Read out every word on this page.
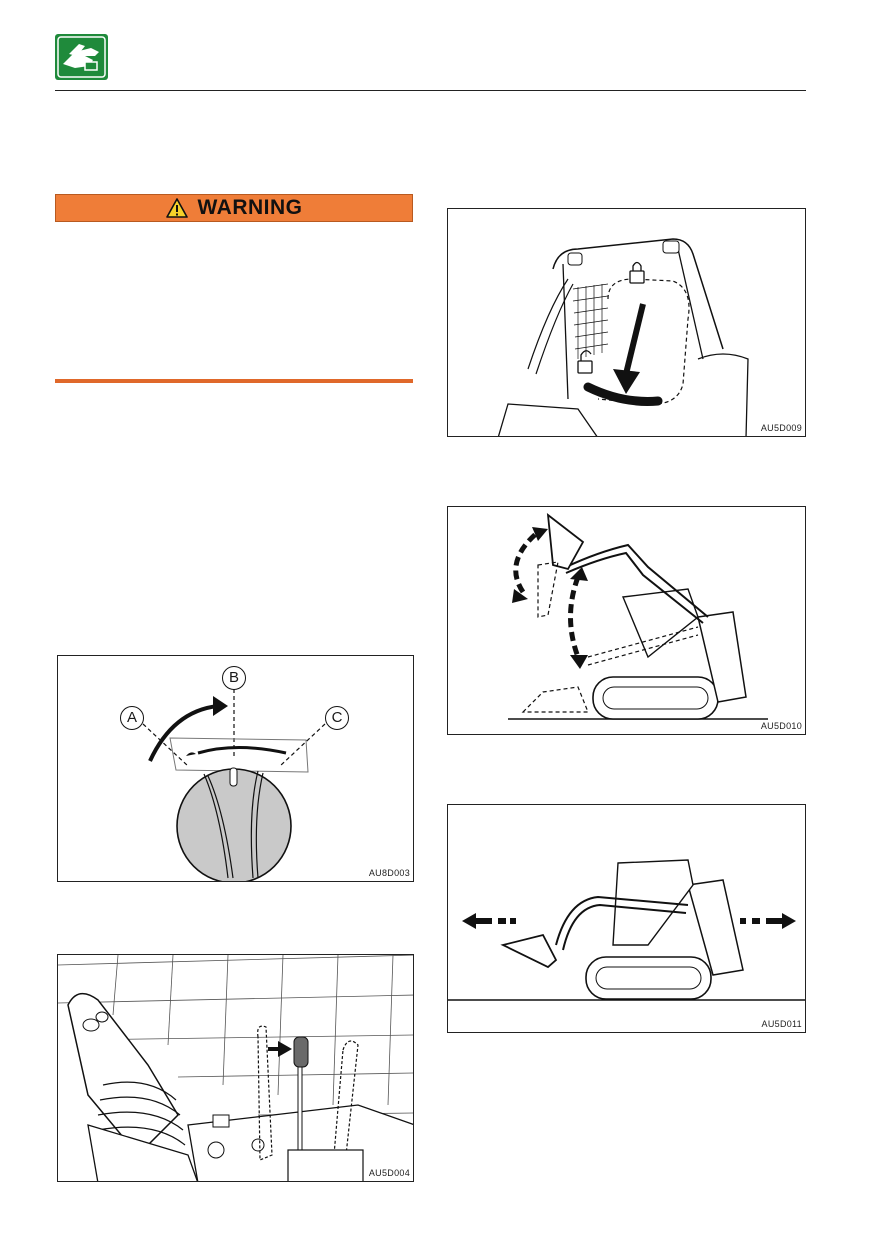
WARNING
B
A	C
AU8D003
AU5D004
AU5D009
AU5D010
AU5D011
